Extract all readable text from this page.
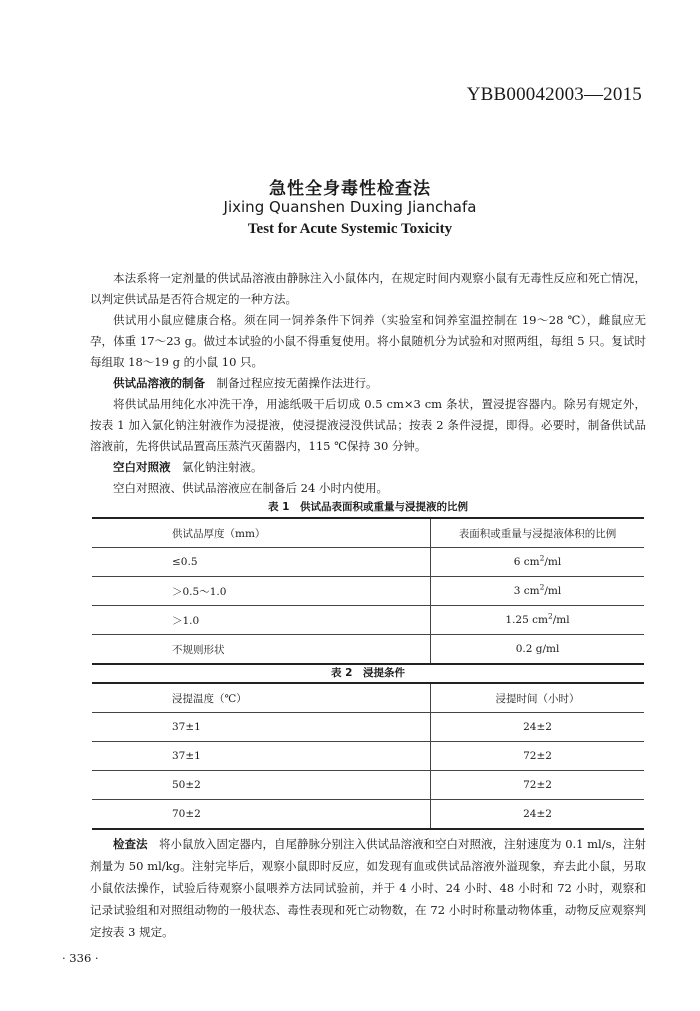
YBB00042003—2015
急性全身毒性检查法
Jixing Quanshen Duxing Jianchafa
Test for Acute Systemic Toxicity

本法系将一定剂量的供试品溶液由静脉注入小鼠体内，在规定时间内观察小鼠有无毒性反应和死亡情况，以判定供试品是否符合规定的一种方法。

供试用小鼠应健康合格。须在同一饲养条件下饲养（实验室和饲养室温控制在 19～28 ℃），雌鼠应无孕，体重 17～23 g。做过本试验的小鼠不得重复使用。将小鼠随机分为试验和对照两组，每组 5 只。复试时每组取 18～19 g 的小鼠 10 只。

供试品溶液的制备　 制备过程应按无菌操作法进行。

将供试品用纯化水冲洗干净，用滤纸吸干后切成 0.5 cm×3 cm 条状，置浸提容器内。除另有规定外，按表 1 加入氯化钠注射液作为浸提液，使浸提液浸没供试品；按表 2 条件浸提，即得。必要时，制备供试品溶液前，先将供试品置高压蒸汽灭菌器内，115 ℃保持 30 分钟。

空白对照液　 氯化钠注射液。

空白对照液、供试品溶液应在制备后 24 小时内使用。

表 1　供试品表面积或重量与浸提液的比例
供试品厚度（mm）	表面积或重量与浸提液体积的比例
≤0.5	6 $cm^2/ml$
＞0.5～1.0	3 $cm^2/ml$
＞1.0	1.25 $cm^2/ml$
不规则形状	0.2 g/ml
表 2　浸提条件
浸提温度（℃）	浸提时间（小时）
37±1	24±2
37±1	72±2
50±2	72±2
70±2	24±2

检查法　 将小鼠放入固定器内，自尾静脉分别注入供试品溶液和空白对照液，注射速度为 0.1 ml/s，注射剂量为 50 ml/kg。注射完毕后，观察小鼠即时反应，如发现有血或供试品溶液外溢现象，弃去此小鼠，另取小鼠依法操作，试验后待观察小鼠喂养方法同试验前，并于 4 小时、24 小时、48 小时和 72 小时，观察和记录试验组和对照组动物的一般状态、毒性表现和死亡动物数，在 72 小时时称量动物体重，动物反应观察判定按表 3 规定。

· 336 ·
